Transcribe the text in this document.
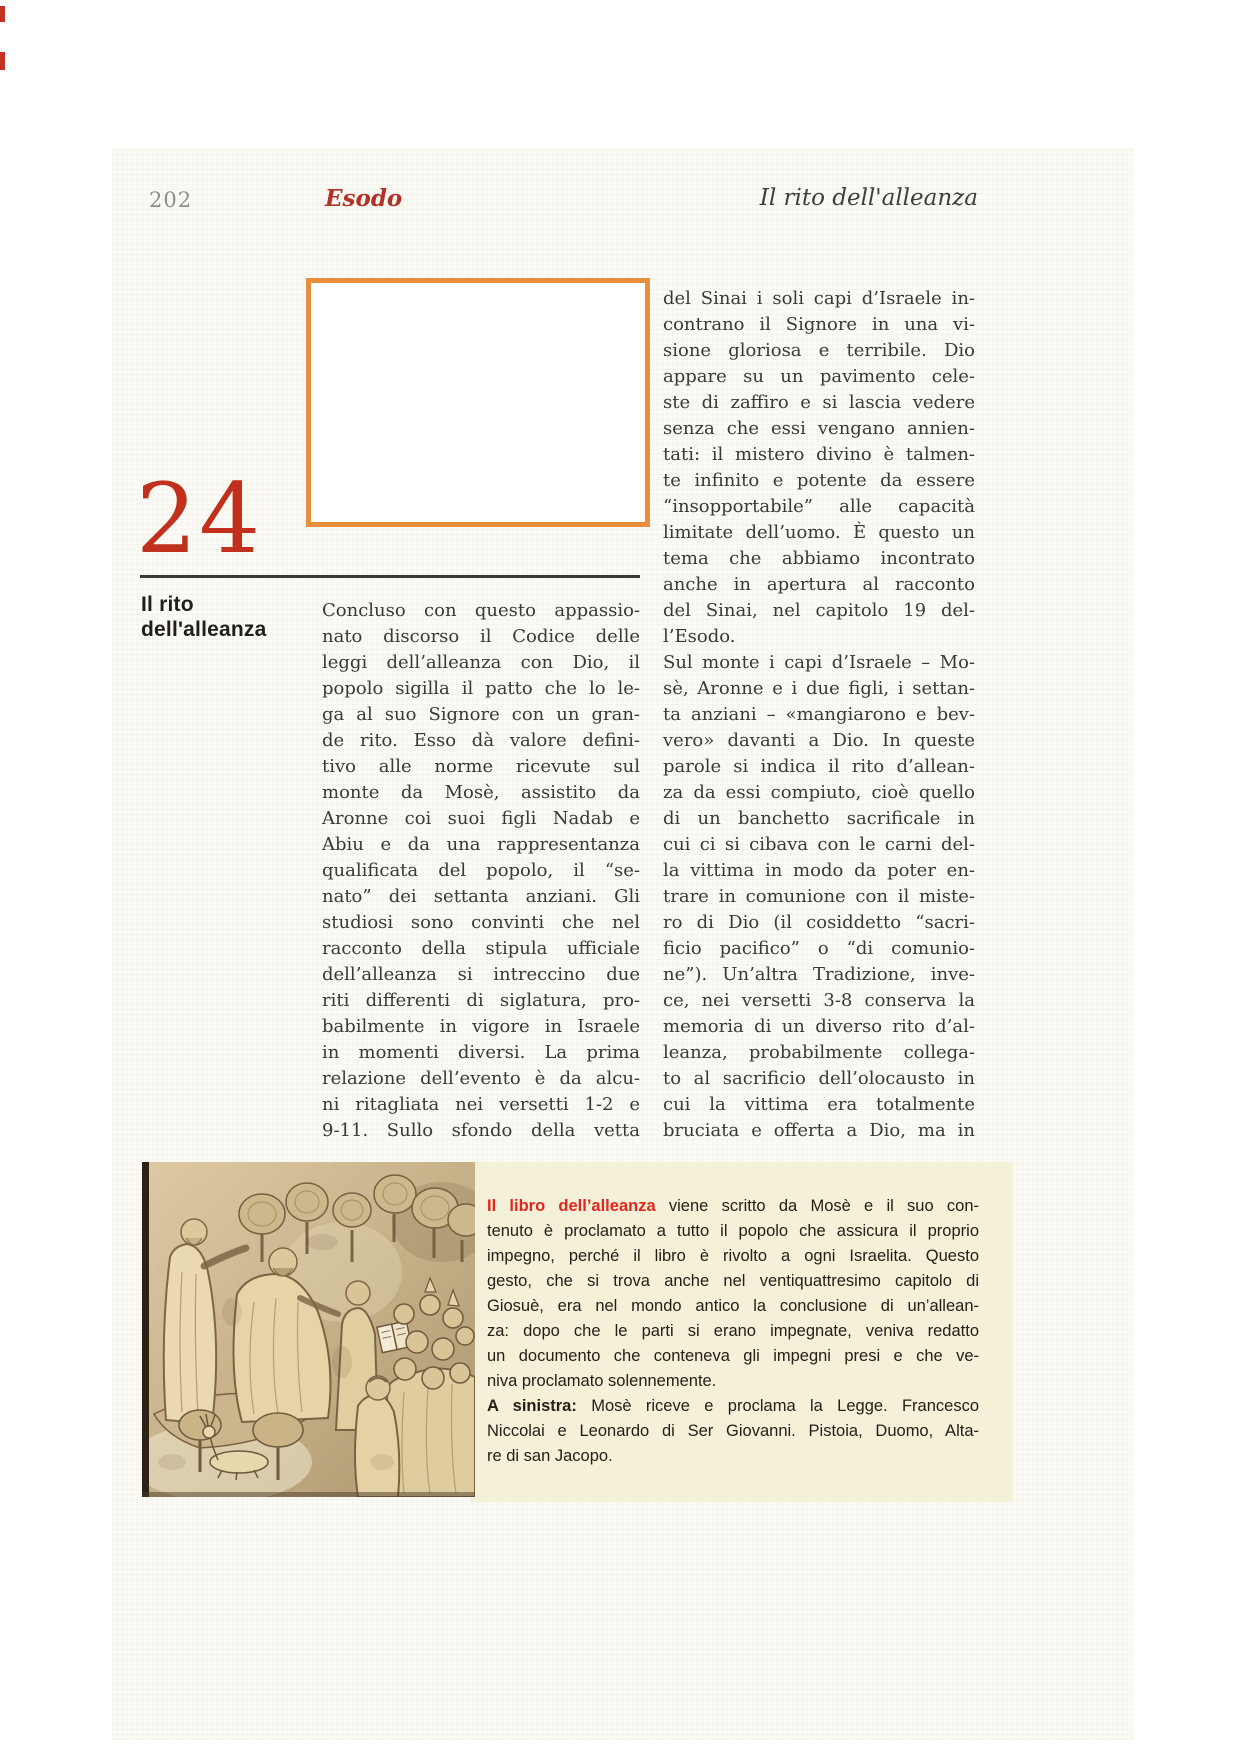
202	Esodo	Il rito dell'alleanza
24
Il rito
dell'alleanza
Concluso con questo appassio-
nato discorso il Codice delle
leggi dell’alleanza con Dio, il
popolo sigilla il patto che lo le-
ga al suo Signore con un gran-
de rito. Esso dà valore defini-
tivo alle norme ricevute sul
monte da Mosè, assistito da
Aronne coi suoi figli Nadab e
Abiu e da una rappresentanza
qualificata del popolo, il “se-
nato” dei settanta anziani. Gli
studiosi sono convinti che nel
racconto della stipula ufficiale
dell’alleanza si intreccino due
riti differenti di siglatura, pro-
babilmente in vigore in Israele
in momenti diversi. La prima
relazione dell’evento è da alcu-
ni ritagliata nei versetti 1-2 e
9-11. Sullo sfondo della vetta
del Sinai i soli capi d’Israele in-
contrano il Signore in una vi-
sione gloriosa e terribile. Dio
appare su un pavimento cele-
ste di zaffiro e si lascia vedere
senza che essi vengano annien-
tati: il mistero divino è talmen-
te infinito e potente da essere
“insopportabile” alle capacità
limitate dell’uomo. È questo un
tema che abbiamo incontrato
anche in apertura al racconto
del Sinai, nel capitolo 19 del-
l’Esodo.
Sul monte i capi d’Israele – Mo-
sè, Aronne e i due figli, i settan-
ta anziani – «mangiarono e bev-
vero» davanti a Dio. In queste
parole si indica il rito d’allean-
za da essi compiuto, cioè quello
di un banchetto sacrificale in
cui ci si cibava con le carni del-
la vittima in modo da poter en-
trare in comunione con il miste-
ro di Dio (il cosiddetto “sacri-
ficio pacifico” o “di comunio-
ne”). Un’altra Tradizione, inve-
ce, nei versetti 3-8 conserva la
memoria di un diverso rito d’al-
leanza, probabilmente collega-
to al sacrificio dell’olocausto in
cui la vittima era totalmente
bruciata e offerta a Dio, ma in
Il libro dell’alleanza viene scritto da Mosè e il suo con-
tenuto è proclamato a tutto il popolo che assicura il proprio
impegno, perché il libro è rivolto a ogni Israelita. Questo
gesto, che si trova anche nel ventiquattresimo capitolo di
Giosuè, era nel mondo antico la conclusione di un’allean-
za: dopo che le parti si erano impegnate, veniva redatto
un documento che conteneva gli impegni presi e che ve-
niva proclamato solennemente.
A sinistra: Mosè riceve e proclama la Legge. Francesco
Niccolai e Leonardo di Ser Giovanni. Pistoia, Duomo, Alta-
re di san Jacopo.
